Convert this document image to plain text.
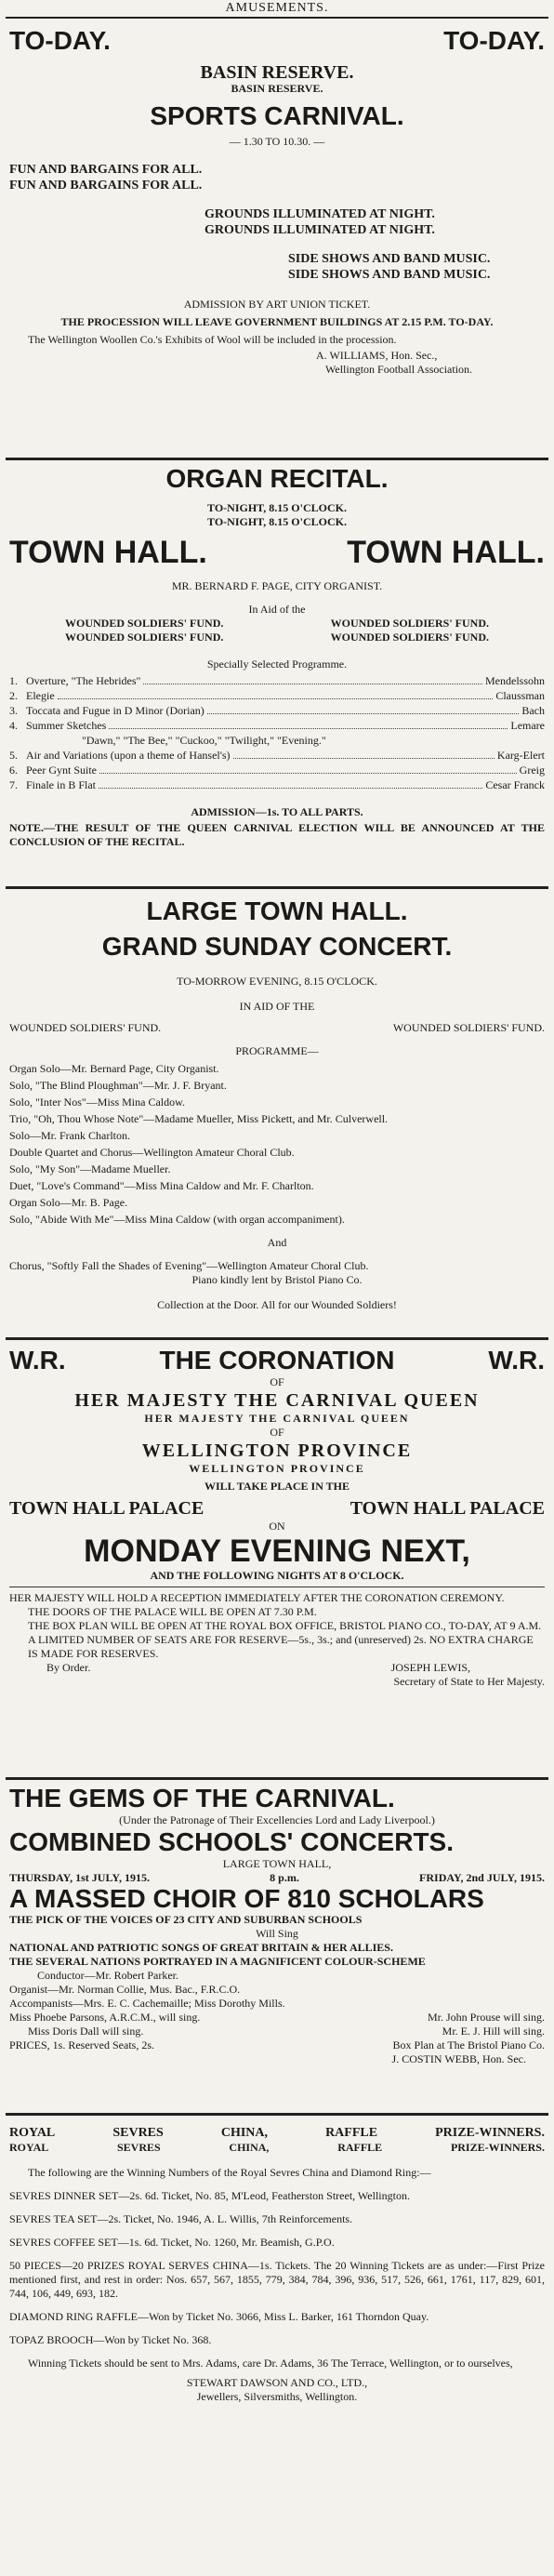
AMUSEMENTS.
TO-DAY.	TO-DAY.
BASIN RESERVE.
BASIN RESERVE.
SPORTS CARNIVAL.
— 1.30 TO 10.30. —
FUN AND BARGAINS FOR ALL.
FUN AND BARGAINS FOR ALL.
GROUNDS ILLUMINATED AT NIGHT.
GROUNDS ILLUMINATED AT NIGHT.
SIDE SHOWS AND BAND MUSIC.
SIDE SHOWS AND BAND MUSIC.
ADMISSION BY ART UNION TICKET.
THE PROCESSION WILL LEAVE GOVERNMENT BUILDINGS AT 2.15 P.M. TO-DAY.
The Wellington Woollen Co.'s Exhibits of Wool will be included in the procession.
A. WILLIAMS, Hon. Sec.,
Wellington Football Association.
ORGAN RECITAL.
TO-NIGHT, 8.15 O'CLOCK.
TO-NIGHT, 8.15 O'CLOCK.
TOWN HALL.	TOWN HALL.
MR. BERNARD F. PAGE, CITY ORGANIST.
In Aid of the
WOUNDED SOLDIERS' FUND.	WOUNDED SOLDIERS' FUND.
WOUNDED SOLDIERS' FUND.	WOUNDED SOLDIERS' FUND.
Specially Selected Programme.
1. Overture, "The Hebrides"	Mendelssohn
2. Elegie	Claussman
3. Toccata and Fugue in D Minor (Dorian)	Bach
4. Summer Sketches	Lemare
"Dawn," "The Bee," "Cuckoo," "Twilight," "Evening."
5. Air and Variations (upon a theme of Hansel's)	Karg-Elert
6. Peer Gynt Suite	Greig
7. Finale in B Flat	Cesar Franck
ADMISSION—1s. TO ALL PARTS.
NOTE.—THE RESULT OF THE QUEEN CARNIVAL ELECTION WILL BE ANNOUNCED AT THE CONCLUSION OF THE RECITAL.
LARGE TOWN HALL.
GRAND SUNDAY CONCERT.
TO-MORROW EVENING, 8.15 O'CLOCK.
IN AID OF THE
WOUNDED SOLDIERS' FUND.	WOUNDED SOLDIERS' FUND.
PROGRAMME—
Organ Solo—Mr. Bernard Page, City Organist.
Solo, "The Blind Ploughman"—Mr. J. F. Bryant.
Solo, "Inter Nos"—Miss Mina Caldow.
Trio, "Oh, Thou Whose Note"—Madame Mueller, Miss Pickett, and Mr. Culverwell.
Solo—Mr. Frank Charlton.
Double Quartet and Chorus—Wellington Amateur Choral Club.
Solo, "My Son"—Madame Mueller.
Duet, "Love's Command"—Miss Mina Caldow and Mr. F. Charlton.
Organ Solo—Mr. B. Page.
Solo, "Abide With Me"—Miss Mina Caldow (with organ accompaniment).
And
Chorus, "Softly Fall the Shades of Evening"—Wellington Amateur Choral Club.
Piano kindly lent by Bristol Piano Co.
Collection at the Door. All for our Wounded Soldiers!
W.R.	THE CORONATION	W.R.
OF
HER MAJESTY THE CARNIVAL QUEEN
HER MAJESTY THE CARNIVAL QUEEN
OF
WELLINGTON PROVINCE
WELLINGTON PROVINCE
WILL TAKE PLACE IN THE
TOWN HALL PALACE	TOWN HALL PALACE
ON
MONDAY EVENING NEXT,
AND THE FOLLOWING NIGHTS AT 8 O'CLOCK.
HER MAJESTY WILL HOLD A RECEPTION IMMEDIATELY AFTER THE CORONATION CEREMONY.
THE DOORS OF THE PALACE WILL BE OPEN AT 7.30 P.M.
THE BOX PLAN WILL BE OPEN AT THE ROYAL BOX OFFICE, BRISTOL PIANO CO., TO-DAY, AT 9 A.M.
A LIMITED NUMBER OF SEATS ARE FOR RESERVE—5s., 3s.; and (unreserved) 2s. NO EXTRA CHARGE IS MADE FOR RESERVES.
By Order.	JOSEPH LEWIS,
Secretary of State to Her Majesty.
THE GEMS OF THE CARNIVAL.
(Under the Patronage of Their Excellencies Lord and Lady Liverpool.)
COMBINED SCHOOLS' CONCERTS.
LARGE TOWN HALL,
THURSDAY, 1st JULY, 1915.	8 p.m.	FRIDAY, 2nd JULY, 1915.
A MASSED CHOIR OF 810 SCHOLARS
THE PICK OF THE VOICES OF 23 CITY AND SUBURBAN SCHOOLS
Will Sing
NATIONAL AND PATRIOTIC SONGS OF GREAT BRITAIN & HER ALLIES.
THE SEVERAL NATIONS PORTRAYED IN A MAGNIFICENT COLOUR-SCHEME
Conductor—Mr. Robert Parker.
Organist—Mr. Norman Collie, Mus. Bac., F.R.C.O.
Accompanists—Mrs. E. C. Cachemaille; Miss Dorothy Mills.
Miss Phoebe Parsons, A.R.C.M., will sing.	Mr. John Prouse will sing.
Miss Doris Dall will sing.	Mr. E. J. Hill will sing.
PRICES, 1s. Reserved Seats, 2s.	Box Plan at The Bristol Piano Co.
J. COSTIN WEBB, Hon. Sec.
ROYAL	SEVRES	CHINA,	RAFFLE	PRIZE-WINNERS.
ROYAL	SEVRES	CHINA,	RAFFLE	PRIZE-WINNERS.
The following are the Winning Numbers of the Royal Sevres China and Diamond Ring:—
SEVRES DINNER SET—2s. 6d. Ticket, No. 85, M'Leod, Featherston Street, Wellington.
SEVRES TEA SET—2s. Ticket, No. 1946, A. L. Willis, 7th Reinforcements.
SEVRES COFFEE SET—1s. 6d. Ticket, No. 1260, Mr. Beamish, G.P.O.
50 PIECES—20 PRIZES ROYAL SERVES CHINA—1s. Tickets. The 20 Winning Tickets are as under:—First Prize mentioned first, and rest in order: Nos. 657, 567, 1855, 779, 384, 784, 396, 936, 517, 526, 661, 1761, 117, 829, 601, 744, 106, 449, 693, 182.
DIAMOND RING RAFFLE—Won by Ticket No. 3066, Miss L. Barker, 161 Thorndon Quay.
TOPAZ BROOCH—Won by Ticket No. 368.
Winning Tickets should be sent to Mrs. Adams, care Dr. Adams, 36 The Terrace, Wellington, or to ourselves,
STEWART DAWSON AND CO., LTD.,
Jewellers, Silversmiths, Wellington.
